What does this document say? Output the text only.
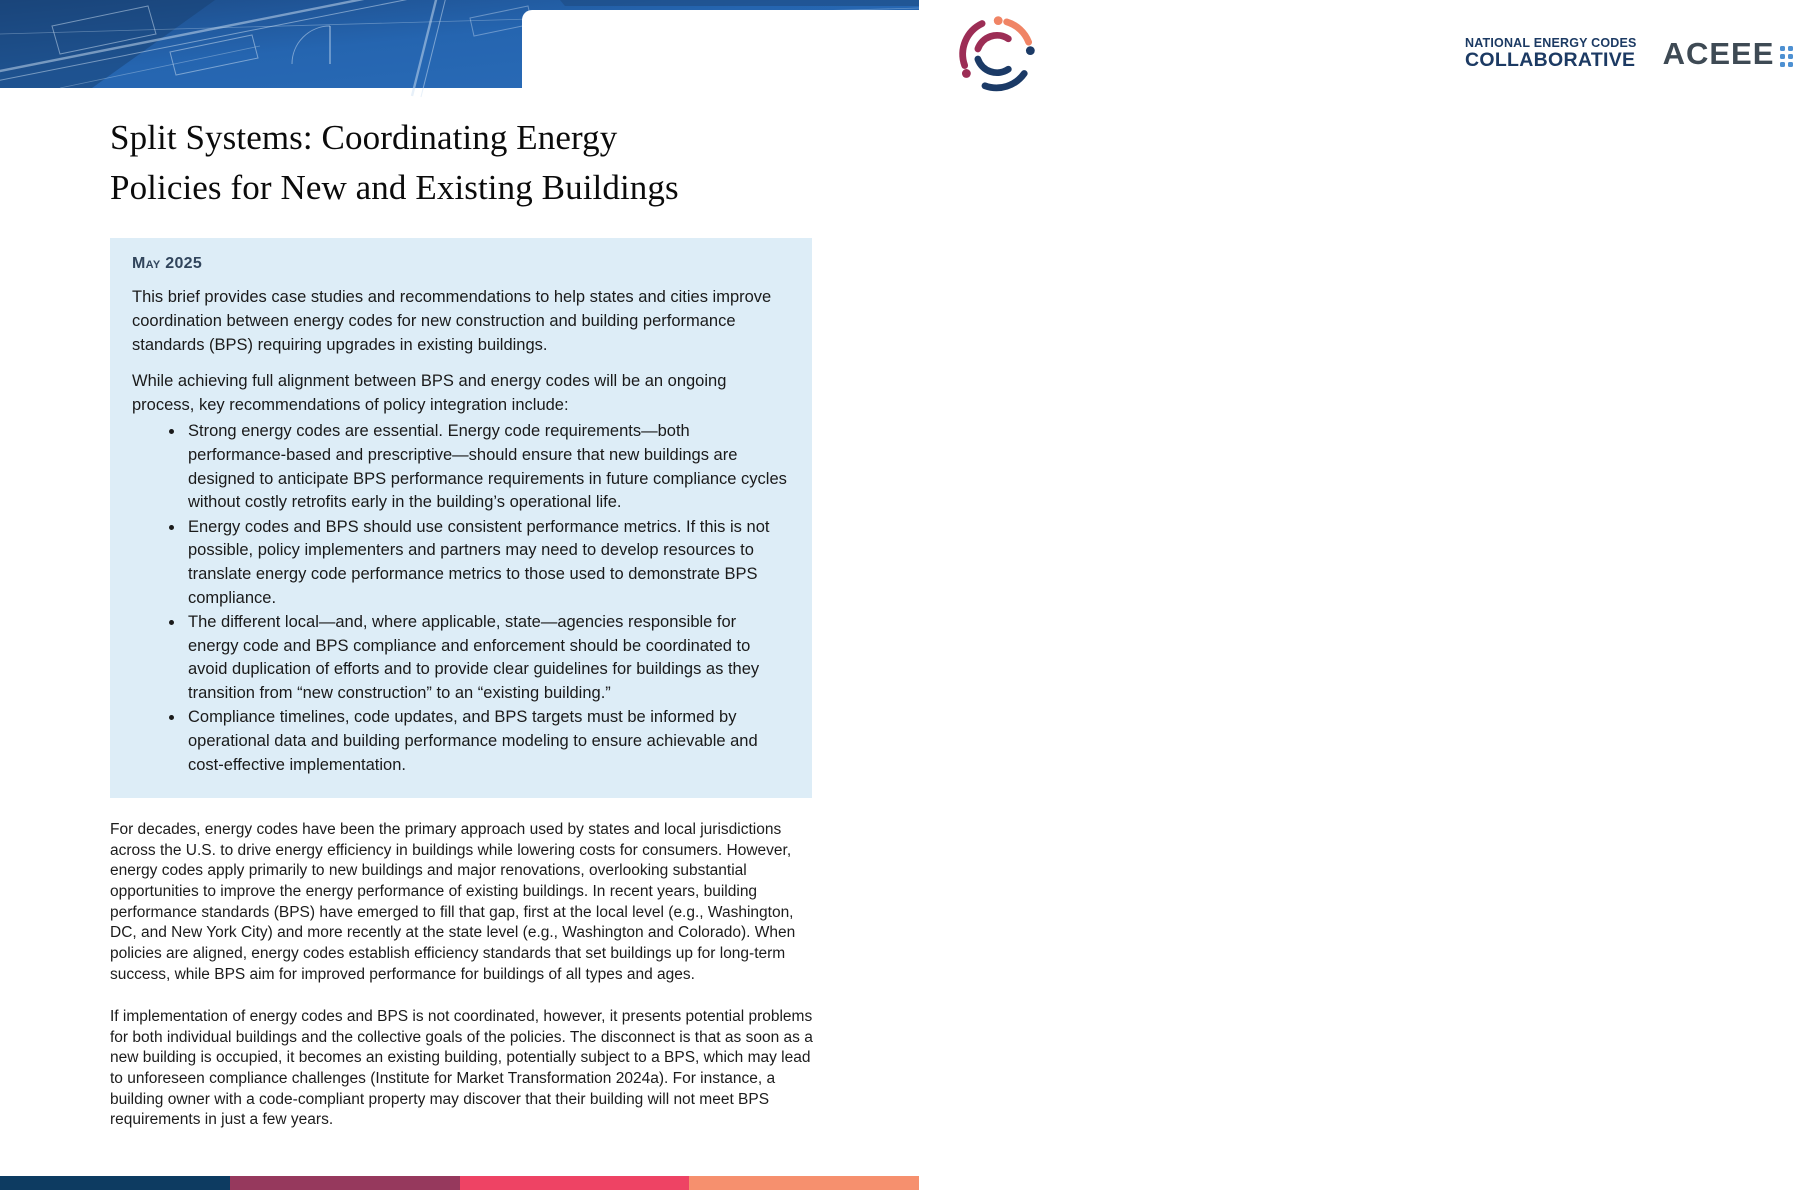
NATIONAL ENERGY CODES
COLLABORATIVE ACEEE
Split Systems: Coordinating Energy
Policies for New and Existing Buildings
May 2025

This brief provides case studies and recommendations to help states and cities improve coordination between energy codes for new construction and building performance standards (BPS) requiring upgrades in existing buildings.

While achieving full alignment between BPS and energy codes will be an ongoing process, key recommendations of policy integration include:

• Strong energy codes are essential. Energy code requirements—both performance-based and prescriptive—should ensure that new buildings are designed to anticipate BPS performance requirements in future compliance cycles without costly retrofits early in the building’s operational life.
• Energy codes and BPS should use consistent performance metrics. If this is not possible, policy implementers and partners may need to develop resources to translate energy code performance metrics to those used to demonstrate BPS compliance.
• The different local—and, where applicable, state—agencies responsible for energy code and BPS compliance and enforcement should be coordinated to avoid duplication of efforts and to provide clear guidelines for buildings as they transition from “new construction” to an “existing building.”
• Compliance timelines, code updates, and BPS targets must be informed by operational data and building performance modeling to ensure achievable and cost-effective implementation.

For decades, energy codes have been the primary approach used by states and local jurisdictions across the U.S. to drive energy efficiency in buildings while lowering costs for consumers. However, energy codes apply primarily to new buildings and major renovations, overlooking substantial opportunities to improve the energy performance of existing buildings. In recent years, building performance standards (BPS) have emerged to fill that gap, first at the local level (e.g., Washington, DC, and New York City) and more recently at the state level (e.g., Washington and Colorado). When policies are aligned, energy codes establish efficiency standards that set buildings up for long-term success, while BPS aim for improved performance for buildings of all types and ages.

If implementation of energy codes and BPS is not coordinated, however, it presents potential problems for both individual buildings and the collective goals of the policies. The disconnect is that as soon as a new building is occupied, it becomes an existing building, potentially subject to a BPS, which may lead to unforeseen compliance challenges (Institute for Market Transformation 2024a). For instance, a building owner with a code-compliant property may discover that their building will not meet BPS requirements in just a few years.
